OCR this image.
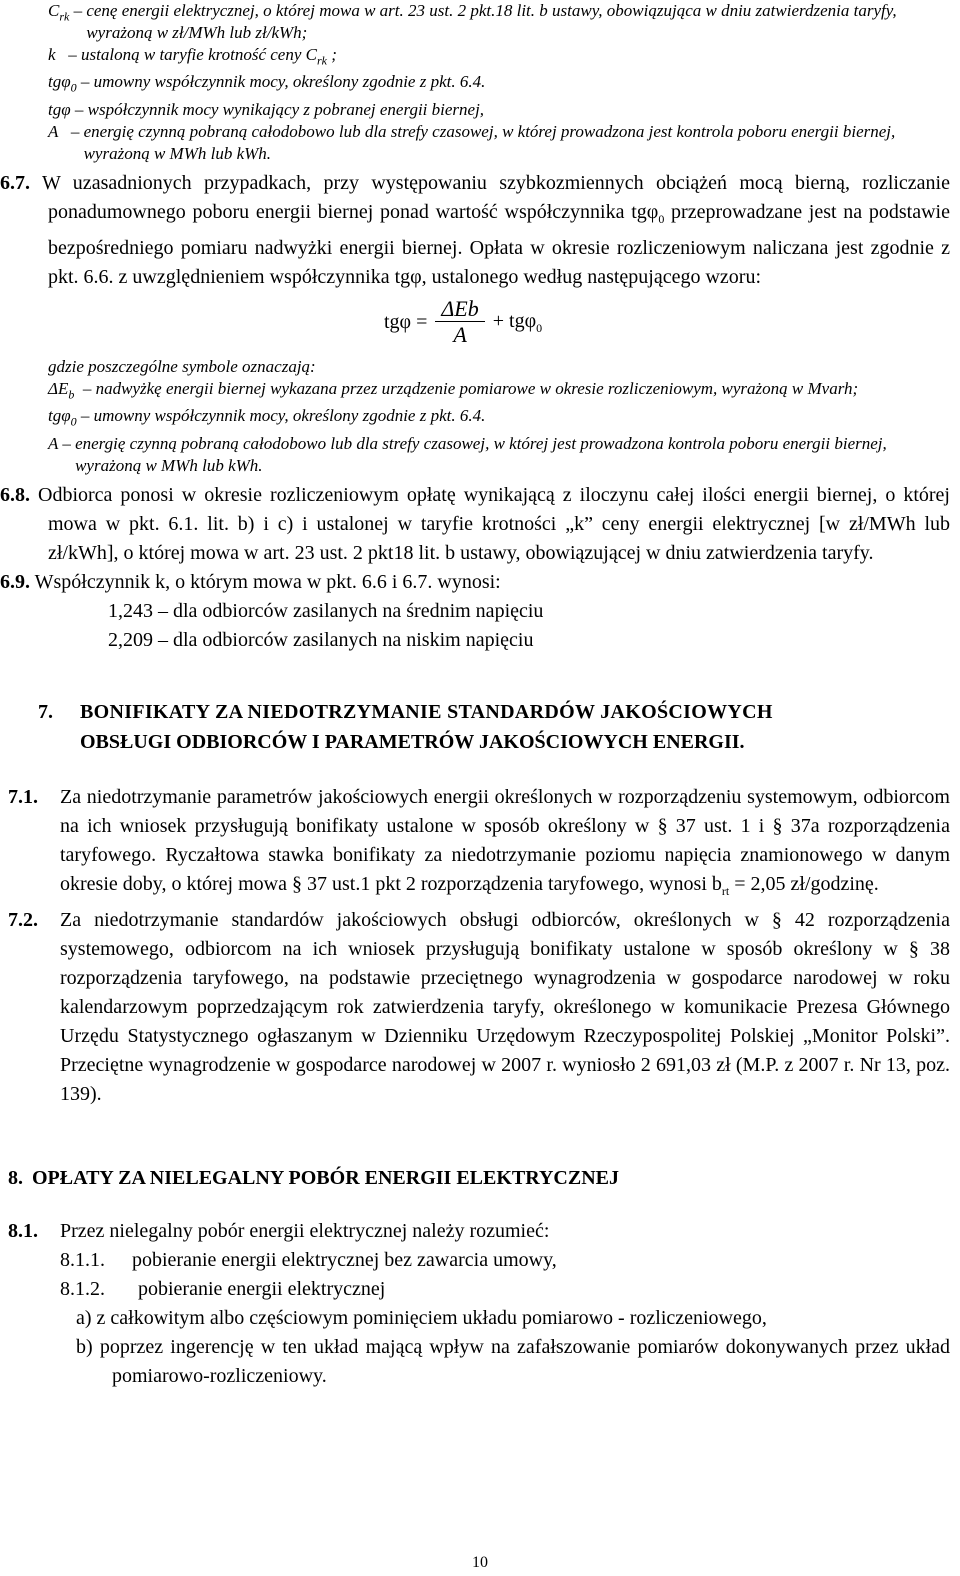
$C_{rk}$ – cenę energii elektrycznej, o której mowa w art. 23 ust. 2 pkt.18 lit. b ustawy, obowiązująca w dniu zatwierdzenia taryfy, wyrażoną w zł/MWh lub zł/kWh;
k   – ustaloną w taryfie krotność ceny $C_{rk}$ ;
tgφ$_0$ – umowny współczynnik mocy, określony zgodnie z pkt. 6.4.
tgφ – współczynnik mocy wynikający z pobranej energii biernej,
A   – energię czynną pobraną całodobowo lub dla strefy czasowej, w której prowadzona jest kontrola poboru energii biernej, wyrażoną w MWh lub kWh.
6.7. W uzasadnionych przypadkach, przy występowaniu szybkozmiennych obciążeń mocą bierną, rozliczanie ponadumownego poboru energii biernej ponad wartość współczynnika tgφ$_0$ przeprowadzane jest na podstawie bezpośredniego pomiaru nadwyżki energii biernej. Opłata w okresie rozliczeniowym naliczana jest zgodnie z pkt. 6.6. z uwzględnieniem współczynnika tgφ, ustalonego według następującego wzoru:
$tg\varphi = \frac{\text{ΔEb}}{A} + tg\varphi_0$
gdzie poszczególne symbole oznaczają:
$\Delta E_b$  – nadwyżkę energii biernej wykazana przez urządzenie pomiarowe w okresie rozliczeniowym, wyrażoną w Mvarh;
tgφ$_0$ – umowny współczynnik mocy, określony zgodnie z pkt. 6.4.
A – energię czynną pobraną całodobowo lub dla strefy czasowej, w której jest prowadzona kontrola poboru energii biernej, wyrażoną w MWh lub kWh.
6.8. Odbiorca ponosi w okresie rozliczeniowym opłatę wynikającą z iloczynu całej ilości energii biernej, o której mowa w pkt. 6.1. lit. b) i c) i ustalonej w taryfie krotności „k” ceny energii elektrycznej [w zł/MWh lub zł/kWh], o której mowa w art. 23 ust. 2 pkt18 lit. b ustawy, obowiązującej w dniu zatwierdzenia taryfy.
6.9. Współczynnik k, o którym mowa w pkt. 6.6 i 6.7. wynosi:
1,243 – dla odbiorców zasilanych na średnim napięciu
2,209 – dla odbiorców zasilanych na niskim napięciu
7.	BONIFIKATY ZA NIEDOTRZYMANIE STANDARDÓW JAKOŚCIOWYCH
OBSŁUGI ODBIORCÓW I PARAMETRÓW JAKOŚCIOWYCH ENERGII.
7.1.	Za niedotrzymanie parametrów jakościowych energii określonych w rozporządzeniu systemowym, odbiorcom na ich wniosek przysługują bonifikaty ustalone w sposób określony w § 37 ust. 1 i § 37a rozporządzenia taryfowego. Ryczałtowa stawka bonifikaty za niedotrzymanie poziomu napięcia znamionowego w danym okresie doby, o której mowa § 37 ust.1 pkt 2 rozporządzenia taryfowego, wynosi $b_{rt} = 2,05$ zł/godzinę.
7.2.	Za niedotrzymanie standardów jakościowych obsługi odbiorców, określonych w § 42 rozporządzenia systemowego, odbiorcom na ich wniosek przysługują bonifikaty ustalone w sposób określony w § 38 rozporządzenia taryfowego, na podstawie przeciętnego wynagrodzenia w gospodarce narodowej w roku kalendarzowym poprzedzającym rok zatwierdzenia taryfy, określonego w komunikacie Prezesa Głównego Urzędu Statystycznego ogłaszanym w Dzienniku Urzędowym Rzeczypospolitej Polskiej „Monitor Polski”. Przeciętne wynagrodzenie w gospodarce narodowej w 2007 r. wyniosło 2 691,03 zł (M.P. z 2007 r. Nr 13, poz. 139).
8. OPŁATY ZA NIELEGALNY POBÓR ENERGII ELEKTRYCZNEJ
8.1.	Przez nielegalny pobór energii elektrycznej należy rozumieć:
8.1.1.	pobieranie energii elektrycznej bez zawarcia umowy,
8.1.2.	pobieranie energii elektrycznej
a) z całkowitym albo częściowym pominięciem układu pomiarowo - rozliczeniowego,
b) poprzez ingerencję w ten układ mającą wpływ na zafałszowanie pomiarów dokonywanych przez układ pomiarowo-rozliczeniowy.
10
